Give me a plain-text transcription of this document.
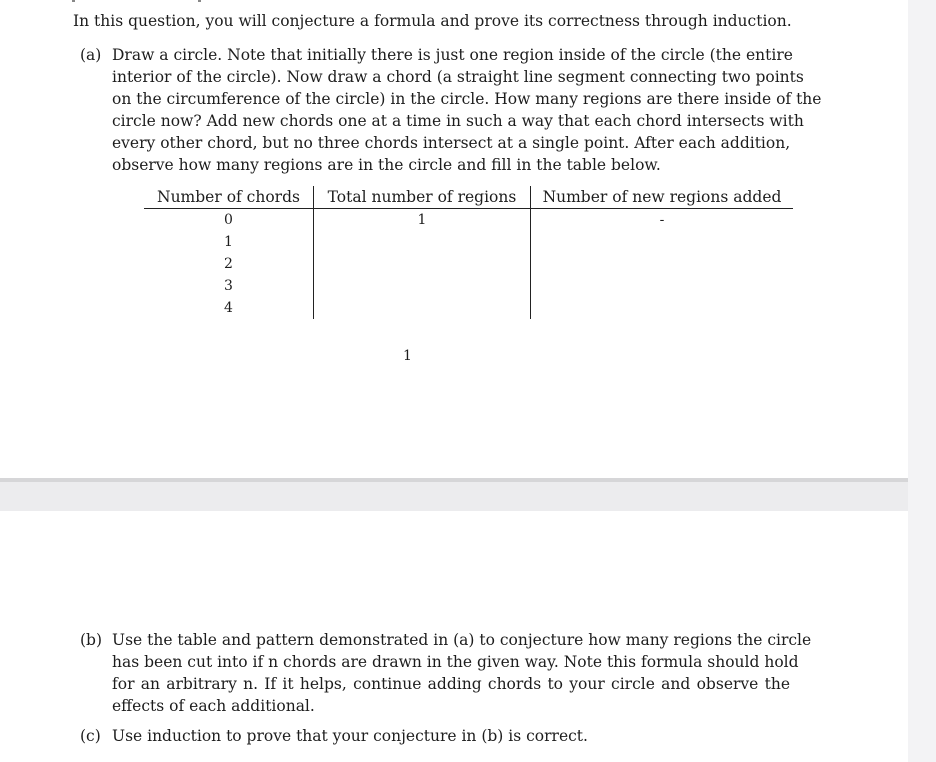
In this question, you will conjecture a formula and prove its correctness through induction.
(a) Draw a circle. Note that initially there is just one region inside of the circle (the entire
interior of the circle). Now draw a chord (a straight line segment connecting two points
on the circumference of the circle) in the circle. How many regions are there inside of the
circle now? Add new chords one at a time in such a way that each chord intersects with
every other chord, but no three chords intersect at a single point. After each addition,
observe how many regions are in the circle and fill in the table below.
Number of chords	Total number of regions	Number of new regions added
0	1	-
1		
2		
3		
4		
1
(b) Use the table and pattern demonstrated in (a) to conjecture how many regions the circle
has been cut into if n chords are drawn in the given way. Note this formula should hold
for an arbitrary n. If it helps, continue adding chords to your circle and observe the
effects of each additional.
(c) Use induction to prove that your conjecture in (b) is correct.
